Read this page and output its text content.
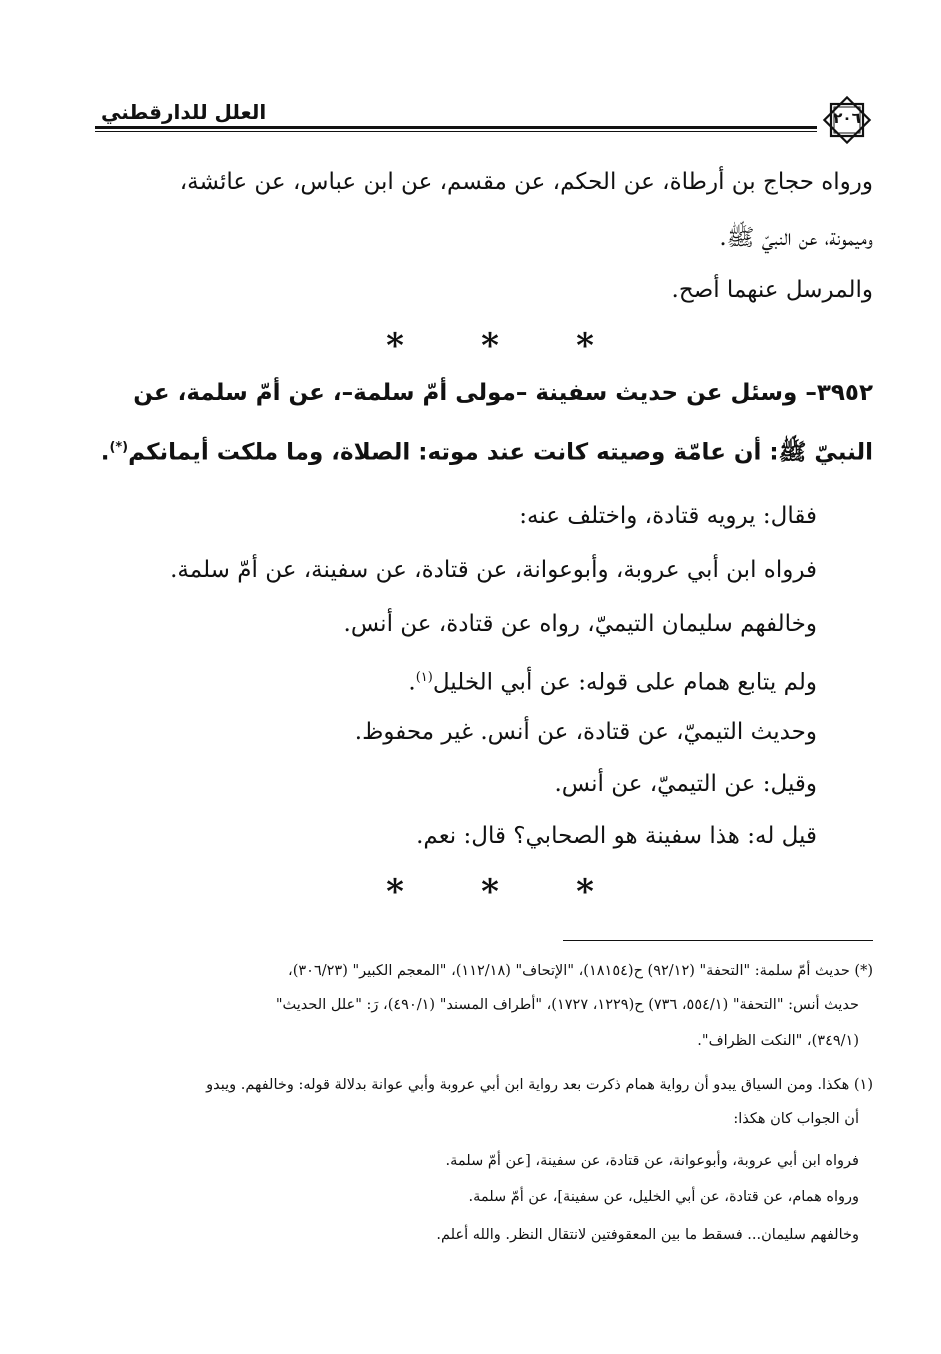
العلل للدارقطني	٢٠٦
ورواه حجاج بن أرطاة، عن الحكم، عن مقسم، عن ابن عباس، عن عائشة،
وميمونة، عن النبيّ ﷺ.
والمرسل عنهما أصح.
* * *
٣٩٥٢– وسئل عن حديث سفينة –مولى أمّ سلمة–، عن أمّ سلمة، عن
النبيّ ﷺ: أن عامّة وصيته كانت عند موته: الصلاة، وما ملكت أيمانكم(*).
فقال: يرويه قتادة، واختلف عنه:
فرواه ابن أبي عروبة، وأبوعوانة، عن قتادة، عن سفينة، عن أمّ سلمة.
وخالفهم سليمان التيميّ، رواه عن قتادة، عن أنس.
ولم يتابع همام على قوله: عن أبي الخليل$^{(١)}$.
وحديث التيميّ، عن قتادة، عن أنس. غير محفوظ.
وقيل: عن التيميّ، عن أنس.
قيل له: هذا سفينة هو الصحابي؟ قال: نعم.
* * *
(*) حديث أمّ سلمة: "التحفة" (٩٢/١٢) ح(١٨١٥٤)، "الإتحاف" (١١٢/١٨)، "المعجم الكبير" (٣٠٦/٢٣)،
حديث أنس: "التحفة" (٥٥٤/١، ٧٣٦) ح(١٢٢٩، ١٧٢٧)، "أطراف المسند" (٤٩٠/١)، رَ: "علل الحديث"
(٣٤٩/١)، "النكت الظراف".
(١) هكذا. ومن السياق يبدو أن رواية همام ذكرت بعد رواية ابن أبي عروبة وأبي عوانة بدلالة قوله: وخالفهم. ويبدو
أن الجواب كان هكذا:
فرواه ابن أبي عروبة، وأبوعوانة، عن قتادة، عن سفينة، [عن أمّ سلمة.
ورواه همام، عن قتادة، عن أبي الخليل، عن سفينة]، عن أمّ سلمة.
وخالفهم سليمان... فسقط ما بين المعقوفتين لانتقال النظر. والله أعلم.
